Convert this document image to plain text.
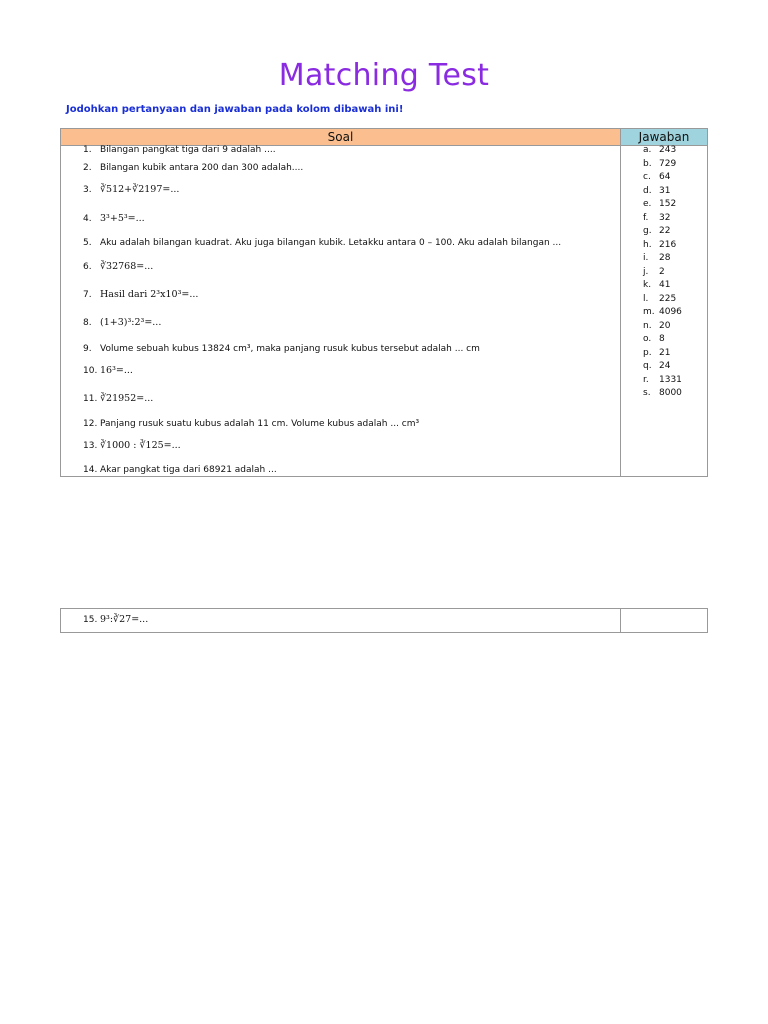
Matching Test
Jodohkan pertanyaan dan jawaban pada kolom dibawah ini!
Soal	Jawaban
1. Bilangan pangkat tiga dari 9 adalah ....
2. Bilangan kubik antara 200 dan 300 adalah....
3. ∛512+∛2197=...
4. 3³+5³=...
5. Aku adalah bilangan kuadrat. Aku juga bilangan kubik. Letakku antara 0 – 100. Aku adalah bilangan ...
6. ∛32768=...
7. Hasil dari 2³x10³=...
8. (1+3)³:2³=...
9. Volume sebuah kubus 13824 cm³, maka panjang rusuk kubus tersebut adalah ... cm
10. 16³=...
11. ∛21952=...
12. Panjang rusuk suatu kubus adalah 11 cm. Volume kubus adalah ... cm³
13. ∛1000 : ∛125=...
14. Akar pangkat tiga dari 68921 adalah ...
a. 243
b. 729
c. 64
d. 31
e. 152
f. 32
g. 22
h. 216
i. 28
j. 2
k. 41
l. 225
m. 4096
n. 20
o. 8
p. 21
q. 24
r. 1331
s. 8000
15. 9³:∛27=...
